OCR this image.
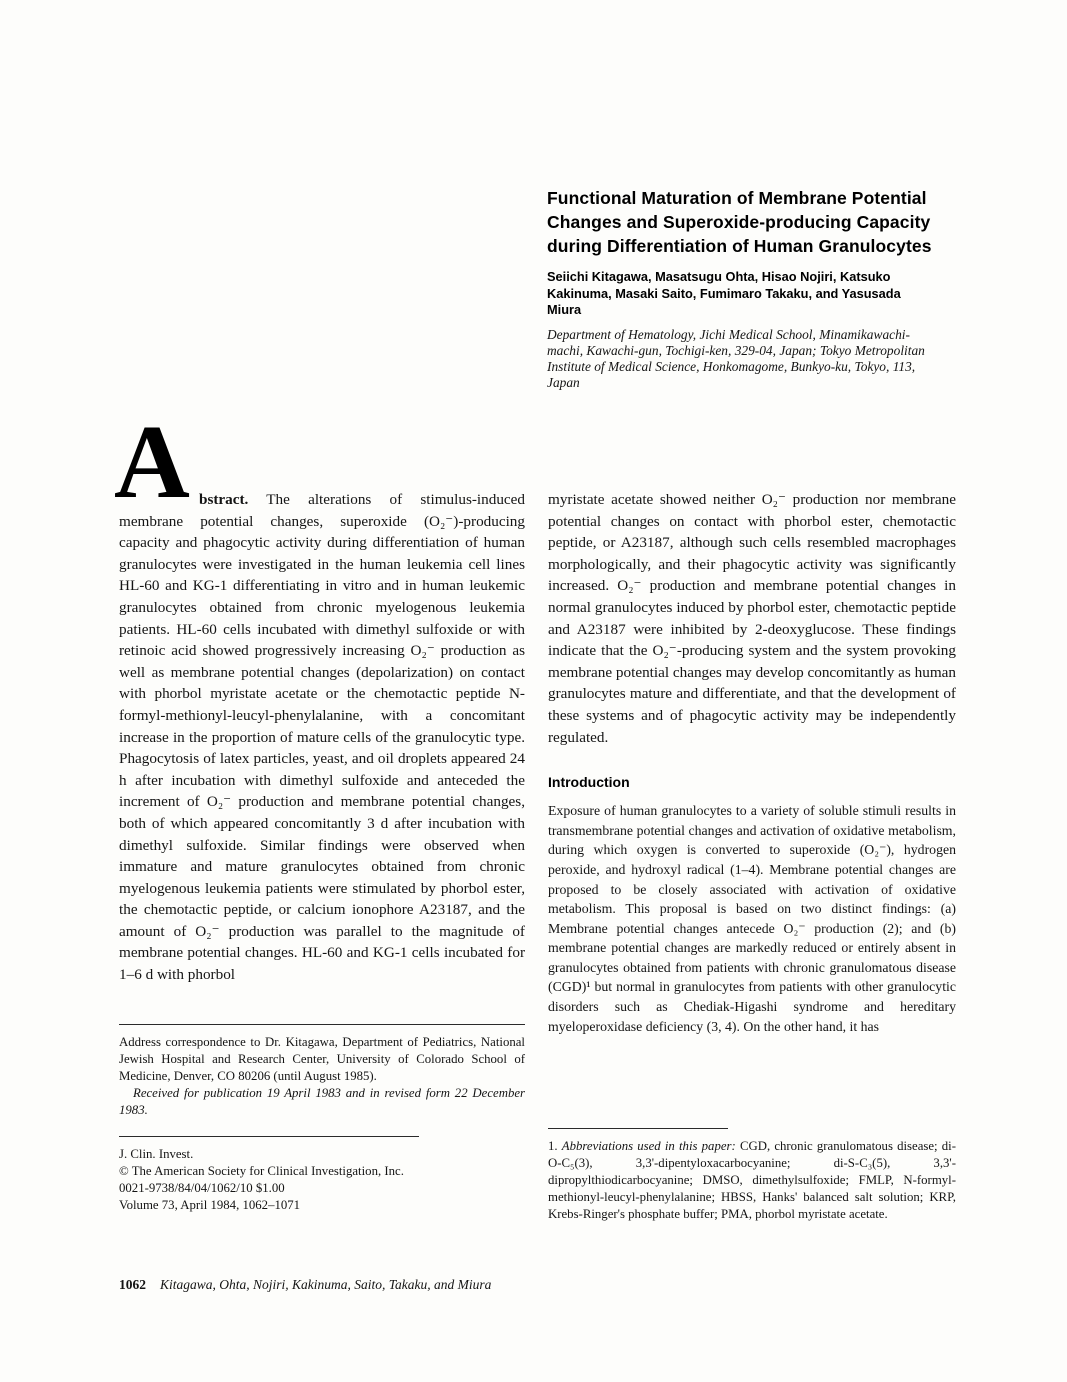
Functional Maturation of Membrane Potential Changes and Superoxide-producing Capacity during Differentiation of Human Granulocytes

Seiichi Kitagawa, Masatsugu Ohta, Hisao Nojiri, Katsuko Kakinuma, Masaki Saito, Fumimaro Takaku, and Yasusada Miura

Department of Hematology, Jichi Medical School, Minamikawachi-machi, Kawachi-gun, Tochigi-ken, 329-04, Japan; Tokyo Metropolitan Institute of Medical Science, Honkomagome, Bunkyo-ku, Tokyo, 113, Japan

A bstract. The alterations of stimulus-induced membrane potential changes, superoxide (O₂⁻)-producing capacity and phagocytic activity during differentiation of human granulocytes were investigated in the human leukemia cell lines HL-60 and KG-1 differentiating in vitro and in human leukemic granulocytes obtained from chronic myelogenous leukemia patients. HL-60 cells incubated with dimethyl sulfoxide or with retinoic acid showed progressively increasing O₂⁻ production as well as membrane potential changes (depolarization) on contact with phorbol myristate acetate or the chemotactic peptide N-formyl-methionyl-leucyl-phenylalanine, with a concomitant increase in the proportion of mature cells of the granulocytic type. Phagocytosis of latex particles, yeast, and oil droplets appeared 24 h after incubation with dimethyl sulfoxide and anteceded the increment of O₂⁻ production and membrane potential changes, both of which appeared concomitantly 3 d after incubation with dimethyl sulfoxide. Similar findings were observed when immature and mature granulocytes obtained from chronic myelogenous leukemia patients were stimulated by phorbol ester, the chemotactic peptide, or calcium ionophore A23187, and the amount of O₂⁻ production was parallel to the magnitude of membrane potential changes. HL-60 and KG-1 cells incubated for 1–6 d with phorbol

myristate acetate showed neither O₂⁻ production nor membrane potential changes on contact with phorbol ester, chemotactic peptide, or A23187, although such cells resembled macrophages morphologically, and their phagocytic activity was significantly increased. O₂⁻ production and membrane potential changes in normal granulocytes induced by phorbol ester, chemotactic peptide and A23187 were inhibited by 2-deoxyglucose. These findings indicate that the O₂⁻-producing system and the system provoking membrane potential changes may develop concomitantly as human granulocytes mature and differentiate, and that the development of these systems and of phagocytic activity may be independently regulated.

Introduction

Exposure of human granulocytes to a variety of soluble stimuli results in transmembrane potential changes and activation of oxidative metabolism, during which oxygen is converted to superoxide (O₂⁻), hydrogen peroxide, and hydroxyl radical (1–4). Membrane potential changes are proposed to be closely associated with activation of oxidative metabolism. This proposal is based on two distinct findings: (a) Membrane potential changes antecede O₂⁻ production (2); and (b) membrane potential changes are markedly reduced or entirely absent in granulocytes obtained from patients with chronic granulomatous disease (CGD)¹ but normal in granulocytes from patients with other granulocytic disorders such as Chediak-Higashi syndrome and hereditary myeloperoxidase deficiency (3, 4). On the other hand, it has

Address correspondence to Dr. Kitagawa, Department of Pediatrics, National Jewish Hospital and Research Center, University of Colorado School of Medicine, Denver, CO 80206 (until August 1985).

Received for publication 19 April 1983 and in revised form 22 December 1983.

J. Clin. Invest.

© The American Society for Clinical Investigation, Inc.

0021-9738/84/04/1062/10 $1.00

Volume 73, April 1984, 1062–1071

1. Abbreviations used in this paper: CGD, chronic granulomatous disease; di-O-C₅(3), 3,3'-dipentyloxacarbocyanine; di-S-C₃(5), 3,3'-dipropylthiodicarbocyanine; DMSO, dimethylsulfoxide; FMLP, N-formyl-methionyl-leucyl-phenylalanine; HBSS, Hanks' balanced salt solution; KRP, Krebs-Ringer's phosphate buffer; PMA, phorbol myristate acetate.

1062 Kitagawa, Ohta, Nojiri, Kakinuma, Saito, Takaku, and Miura
